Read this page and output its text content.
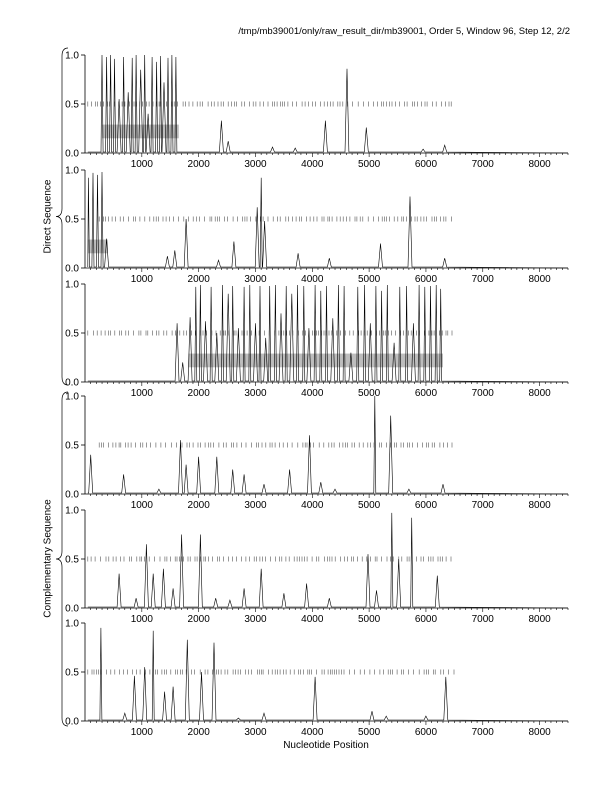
/tmp/mb39001/only/raw_result_dir/mb39001, Order 5, Window 96, Step 12, 2/2
Direct Sequence
Complementary Sequence
Nucleotide Position
0.0
0.5
1.0
1000	2000	3000	4000	5000	6000	7000	8000
0.0
0.5
1.0
1000	2000	3000	4000	5000	6000	7000	8000
0.0
0.5
1.0
1000	2000	3000	4000	5000	6000	7000	8000
0.0
0.5
1.0
1000	2000	3000	4000	5000	6000	7000	8000
0.0
0.5
1.0
1000	2000	3000	4000	5000	6000	7000	8000
0.0
0.5
1.0
1000	2000	3000	4000	5000	6000	7000	8000
